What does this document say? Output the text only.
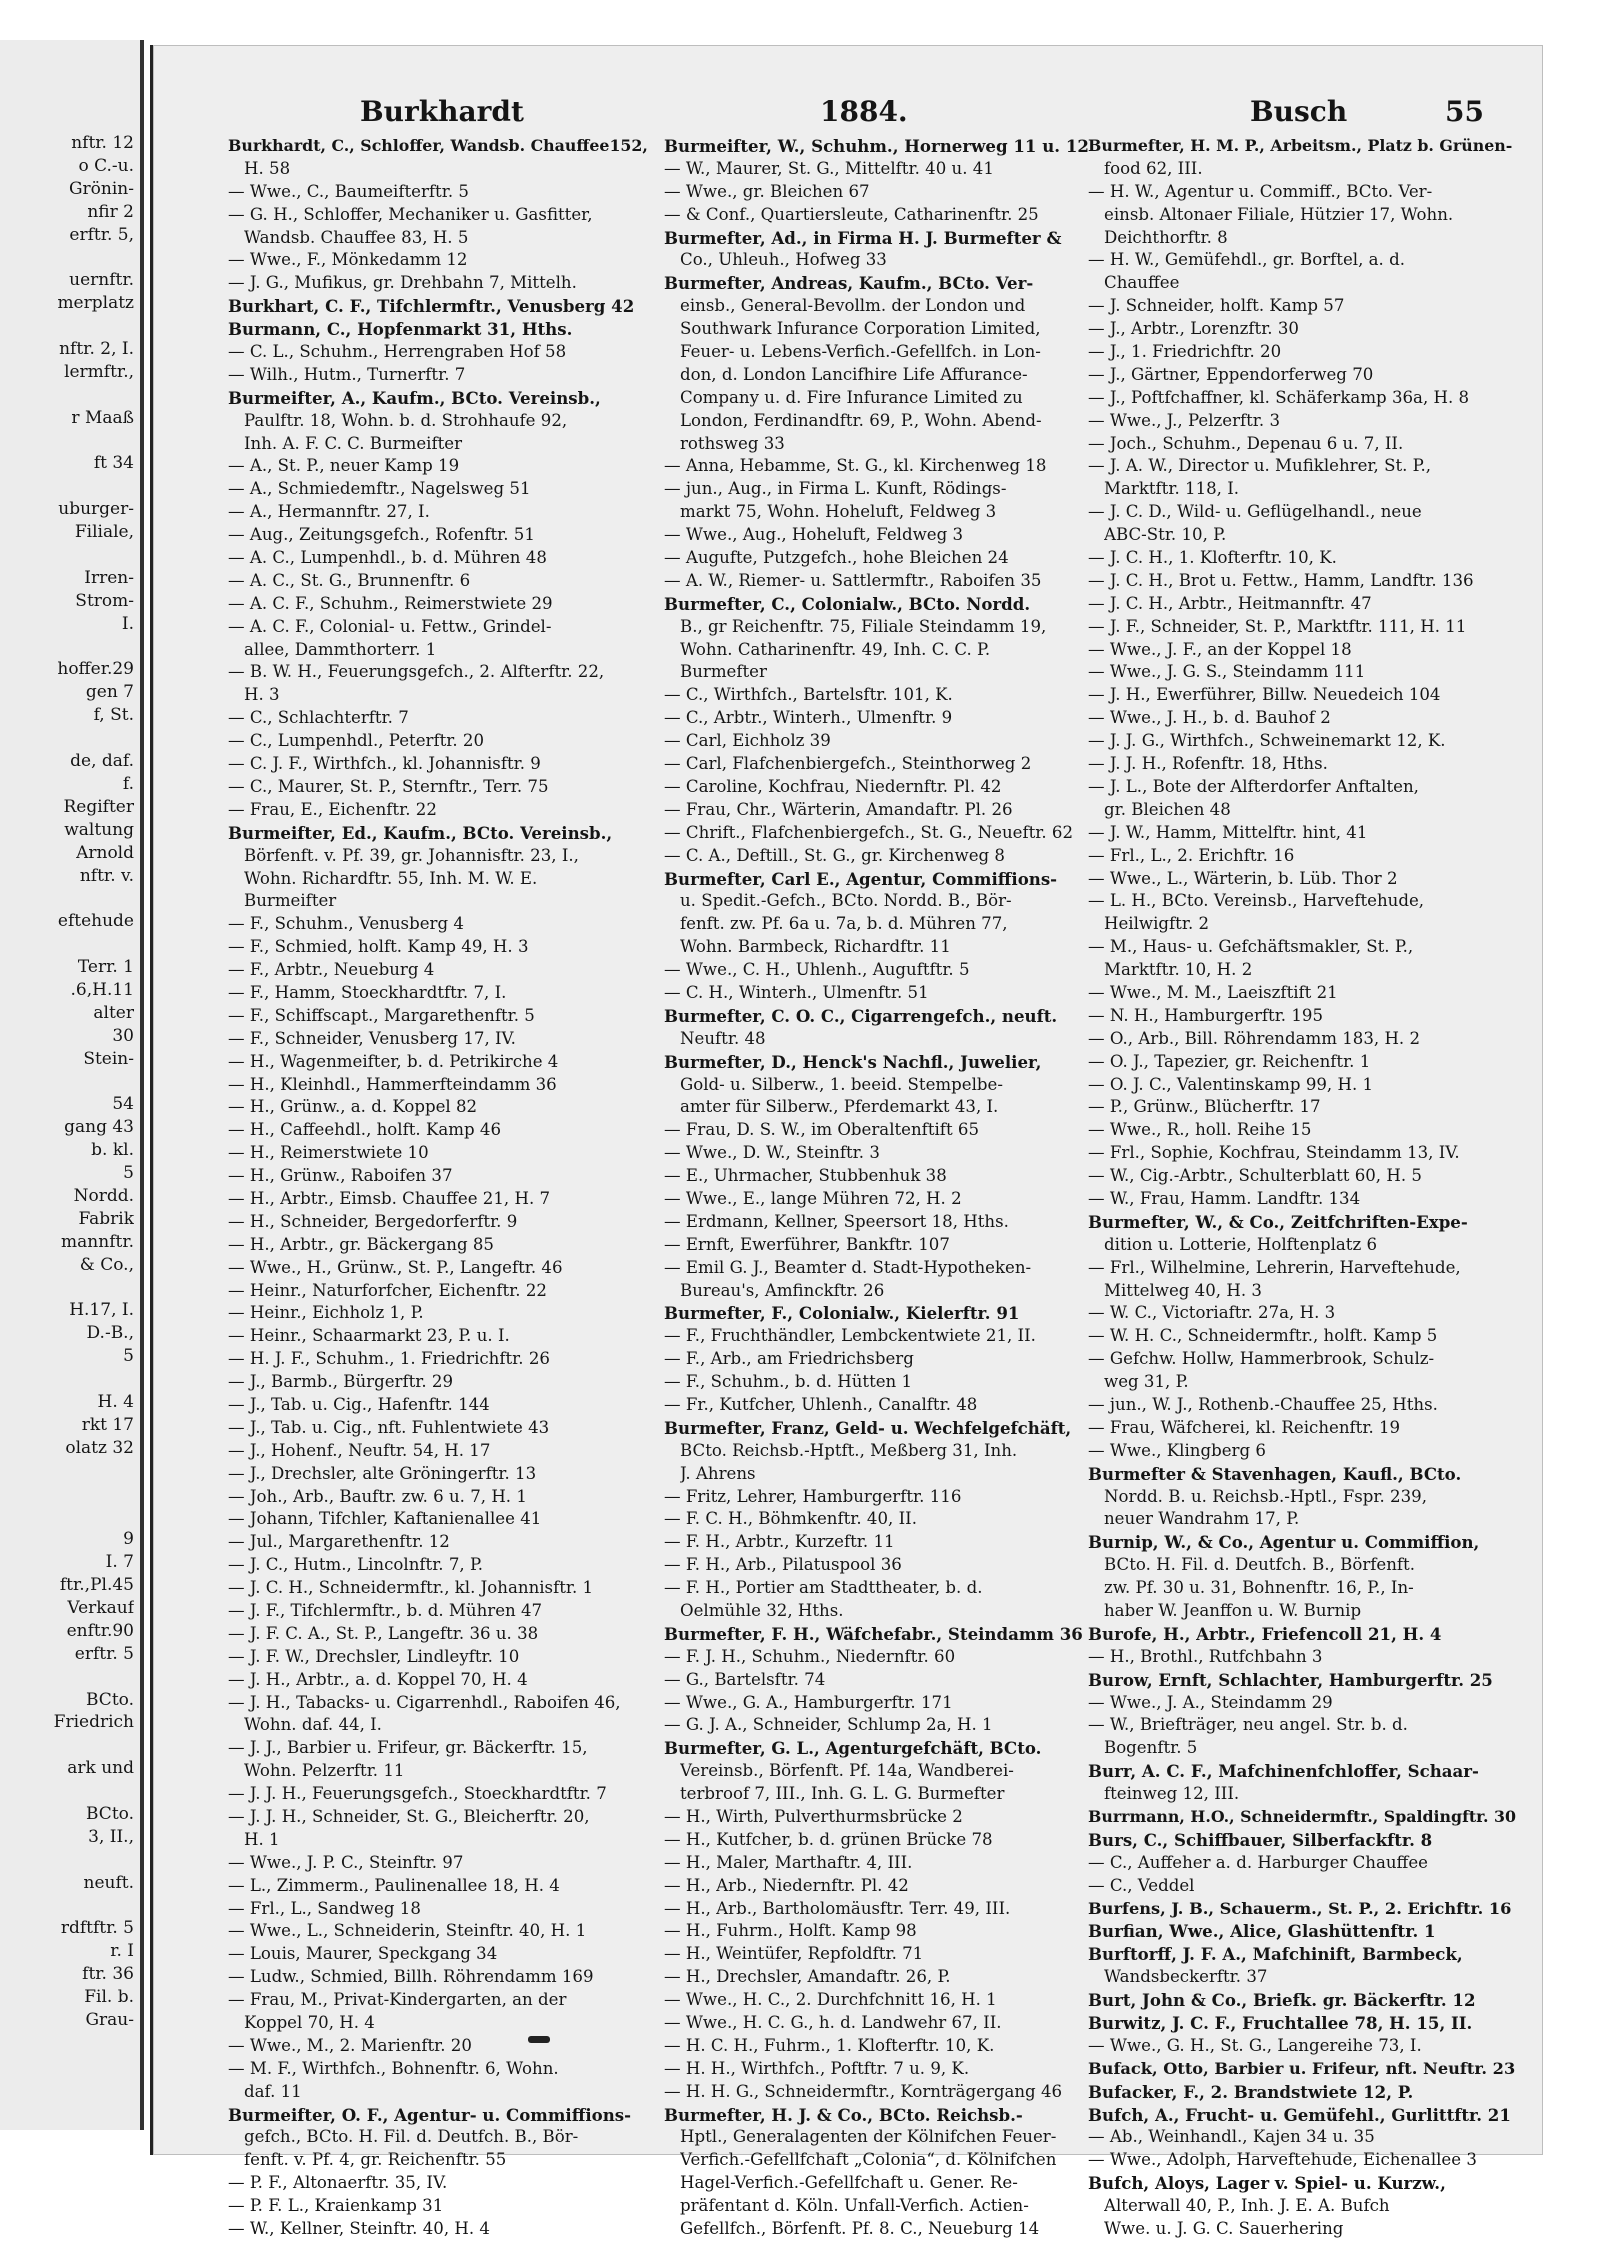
nftr. 12
o C.-u.
Grönin-
nfir 2
erftr. 5,
uernftr.
merplatz
nftr. 2, I.
lermftr.,
r Maaß
ft 34
uburger-
Filiale,
Irren-
Strom-
I.
hoffer.29
gen 7
f, St.
de, daf.
f.
Regifter
waltung
Arnold
nftr. v.
eftehude
Terr. 1
.6,H.11
alter
30
Stein-
54
gang 43
b. kl.
5
Nordd.
Fabrik
mannftr.
& Co.,
H.17, I.
D.-B.,
5
H. 4
rkt 17
olatz 32
9
I. 7
ftr.,Pl.45
Verkauf
enftr.90
erftr. 5
BCto.
Friedrich
ark und
BCto.
3, II.,
neuft.
rdftftr. 5
r. I
ftr. 36
Fil. b.
Grau-
Burkhardt	1884.	Busch	55
Burkhardt, C., Schloffer, Wandsb. Chauffee152,
H. 58
— Wwe., C., Baumeifterftr. 5
— G. H., Schloffer, Mechaniker u. Gasfitter,
Wandsb. Chauffee 83, H. 5
— Wwe., F., Mönkedamm 12
— J. G., Mufikus, gr. Drehbahn 7, Mittelh.
Burkhart, C. F., Tifchlermftr., Venusberg 42
Burmann, C., Hopfenmarkt 31, Hths.
— C. L., Schuhm., Herrengraben Hof 58
— Wilh., Hutm., Turnerftr. 7
Burmeifter, A., Kaufm., BCto. Vereinsb.,
Paulftr. 18, Wohn. b. d. Strohhaufe 92,
Inh. A. F. C. C. Burmeifter
— A., St. P., neuer Kamp 19
— A., Schmiedemftr., Nagelsweg 51
— A., Hermannftr. 27, I.
— Aug., Zeitungsgefch., Rofenftr. 51
— A. C., Lumpenhdl., b. d. Mühren 48
— A. C., St. G., Brunnenftr. 6
— A. C. F., Schuhm., Reimerstwiete 29
— A. C. F., Colonial- u. Fettw., Grindel-
allee, Dammthorterr. 1
— B. W. H., Feuerungsgefch., 2. Alfterftr. 22,
H. 3
— C., Schlachterftr. 7
— C., Lumpenhdl., Peterftr. 20
— C. J. F., Wirthfch., kl. Johannisftr. 9
— C., Maurer, St. P., Sternftr., Terr. 75
— Frau, E., Eichenftr. 22
Burmeifter, Ed., Kaufm., BCto. Vereinsb.,
Börfenft. v. Pf. 39, gr. Johannisftr. 23, I.,
Wohn. Richardftr. 55, Inh. M. W. E.
Burmeifter
— F., Schuhm., Venusberg 4
— F., Schmied, holft. Kamp 49, H. 3
— F., Arbtr., Neueburg 4
— F., Hamm, Stoeckhardtftr. 7, I.
— F., Schiffscapt., Margarethenftr. 5
— F., Schneider, Venusberg 17, IV.
— H., Wagenmeifter, b. d. Petrikirche 4
— H., Kleinhdl., Hammerfteindamm 36
— H., Grünw., a. d. Koppel 82
— H., Caffeehdl., holft. Kamp 46
— H., Reimerstwiete 10
— H., Grünw., Raboifen 37
— H., Arbtr., Eimsb. Chauffee 21, H. 7
— H., Schneider, Bergedorferftr. 9
— H., Arbtr., gr. Bäckergang 85
— Wwe., H., Grünw., St. P., Langeftr. 46
— Heinr., Naturforfcher, Eichenftr. 22
— Heinr., Eichholz 1, P.
— Heinr., Schaarmarkt 23, P. u. I.
— H. J. F., Schuhm., 1. Friedrichftr. 26
— J., Barmb., Bürgerftr. 29
— J., Tab. u. Cig., Hafenftr. 144
— J., Tab. u. Cig., nft. Fuhlentwiete 43
— J., Hohenf., Neuftr. 54, H. 17
— J., Drechsler, alte Gröningerftr. 13
— Joh., Arb., Bauftr. zw. 6 u. 7, H. 1
— Johann, Tifchler, Kaftanienallee 41
— Jul., Margarethenftr. 12
— J. C., Hutm., Lincolnftr. 7, P.
— J. C. H., Schneidermftr., kl. Johannisftr. 1
— J. F., Tifchlermftr., b. d. Mühren 47
— J. F. C. A., St. P., Langeftr. 36 u. 38
— J. F. W., Drechsler, Lindleyftr. 10
— J. H., Arbtr., a. d. Koppel 70, H. 4
— J. H., Tabacks- u. Cigarrenhdl., Raboifen 46,
Wohn. daf. 44, I.
— J. J., Barbier u. Frifeur, gr. Bäckerftr. 15,
Wohn. Pelzerftr. 11
— J. J. H., Feuerungsgefch., Stoeckhardtftr. 7
— J. J. H., Schneider, St. G., Bleicherftr. 20,
H. 1
— Wwe., J. P. C., Steinftr. 97
— L., Zimmerm., Paulinenallee 18, H. 4
— Frl., L., Sandweg 18
— Wwe., L., Schneiderin, Steinftr. 40, H. 1
— Louis, Maurer, Speckgang 34
— Ludw., Schmied, Billh. Röhrendamm 169
— Frau, M., Privat-Kindergarten, an der
Koppel 70, H. 4
— Wwe., M., 2. Marienftr. 20
— M. F., Wirthfch., Bohnenftr. 6, Wohn.
daf. 11
Burmeifter, O. F., Agentur- u. Commiffions-
gefch., BCto. H. Fil. d. Deutfch. B., Bör-
fenft. v. Pf. 4, gr. Reichenftr. 55
— P. F., Altonaerftr. 35, IV.
— P. F. L., Kraienkamp 31
— W., Kellner, Steinftr. 40, H. 4
Burmeifter, W., Schuhm., Hornerweg 11 u. 12
— W., Maurer, St. G., Mittelftr. 40 u. 41
— Wwe., gr. Bleichen 67
— & Conf., Quartiersleute, Catharinenftr. 25
Burmefter, Ad., in Firma H. J. Burmefter &
Co., Uhleuh., Hofweg 33
Burmefter, Andreas, Kaufm., BCto. Ver-
einsb., General-Bevollm. der London und
Southwark Infurance Corporation Limited,
Feuer- u. Lebens-Verfich.-Gefellfch. in Lon-
don, d. London Lancifhire Life Affurance-
Company u. d. Fire Infurance Limited zu
London, Ferdinandftr. 69, P., Wohn. Abend-
rothsweg 33
— Anna, Hebamme, St. G., kl. Kirchenweg 18
— jun., Aug., in Firma L. Kunft, Rödings-
markt 75, Wohn. Hoheluft, Feldweg 3
— Wwe., Aug., Hoheluft, Feldweg 3
— Augufte, Putzgefch., hohe Bleichen 24
— A. W., Riemer- u. Sattlermftr., Raboifen 35
Burmefter, C., Colonialw., BCto. Nordd.
B., gr Reichenftr. 75, Filiale Steindamm 19,
Wohn. Catharinenftr. 49, Inh. C. C. P.
Burmefter
— C., Wirthfch., Bartelsftr. 101, K.
— C., Arbtr., Winterh., Ulmenftr. 9
— Carl, Eichholz 39
— Carl, Flafchenbiergefch., Steinthorweg 2
— Caroline, Kochfrau, Niedernftr. Pl. 42
— Frau, Chr., Wärterin, Amandaftr. Pl. 26
— Chrift., Flafchenbiergefch., St. G., Neueftr. 62
— C. A., Deftill., St. G., gr. Kirchenweg 8
Burmefter, Carl E., Agentur, Commiffions-
u. Spedit.-Gefch., BCto. Nordd. B., Bör-
fenft. zw. Pf. 6a u. 7a, b. d. Mühren 77,
Wohn. Barmbeck, Richardftr. 11
— Wwe., C. H., Uhlenh., Auguftftr. 5
— C. H., Winterh., Ulmenftr. 51
Burmefter, C. O. C., Cigarrengefch., neuft.
Neuftr. 48
Burmefter, D., Henck's Nachfl., Juwelier,
Gold- u. Silberw., 1. beeid. Stempelbe-
amter für Silberw., Pferdemarkt 43, I.
— Frau, D. S. W., im Oberaltenftift 65
— Wwe., D. W., Steinftr. 3
— E., Uhrmacher, Stubbenhuk 38
— Wwe., E., lange Mühren 72, H. 2
— Erdmann, Kellner, Speersort 18, Hths.
— Ernft, Ewerführer, Bankftr. 107
— Emil G. J., Beamter d. Stadt-Hypotheken-
Bureau's, Amfinckftr. 26
Burmefter, F., Colonialw., Kielerftr. 91
— F., Fruchthändler, Lembckentwiete 21, II.
— F., Arb., am Friedrichsberg
— F., Schuhm., b. d. Hütten 1
— Fr., Kutfcher, Uhlenh., Canalftr. 48
Burmefter, Franz, Geld- u. Wechfelgefchäft,
BCto. Reichsb.-Hptft., Meßberg 31, Inh.
J. Ahrens
— Fritz, Lehrer, Hamburgerftr. 116
— F. C. H., Böhmkenftr. 40, II.
— F. H., Arbtr., Kurzeftr. 11
— F. H., Arb., Pilatuspool 36
— F. H., Portier am Stadttheater, b. d.
Oelmühle 32, Hths.
Burmefter, F. H., Wäfchefabr., Steindamm 36
— F. J. H., Schuhm., Niedernftr. 60
— G., Bartelsftr. 74
— Wwe., G. A., Hamburgerftr. 171
— G. J. A., Schneider, Schlump 2a, H. 1
Burmefter, G. L., Agenturgefchäft, BCto.
Vereinsb., Börfenft. Pf. 14a, Wandberei-
terbroof 7, III., Inh. G. L. G. Burmefter
— H., Wirth, Pulverthurmsbrücke 2
— H., Kutfcher, b. d. grünen Brücke 78
— H., Maler, Marthaftr. 4, III.
— H., Arb., Niedernftr. Pl. 42
— H., Arb., Bartholomäusftr. Terr. 49, III.
— H., Fuhrm., Holft. Kamp 98
— H., Weintüfer, Repfoldftr. 71
— H., Drechsler, Amandaftr. 26, P.
— Wwe., H. C., 2. Durchfchnitt 16, H. 1
— Wwe., H. C. G., h. d. Landwehr 67, II.
— H. C. H., Fuhrm., 1. Klofterftr. 10, K.
— H. H., Wirthfch., Poftftr. 7 u. 9, K.
— H. H. G., Schneidermftr., Kornträgergang 46
Burmefter, H. J. & Co., BCto. Reichsb.-
Hptl., Generalagenten der Kölnifchen Feuer-
Verfich.-Gefellfchaft „Colonia“, d. Kölnifchen
Hagel-Verfich.-Gefellfchaft u. Gener. Re-
präfentant d. Köln. Unfall-Verfich. Actien-
Gefellfch., Börfenft. Pf. 8. C., Neueburg 14
Burmefter, H. M. P., Arbeitsm., Platz b. Grünen-
food 62, III.
— H. W., Agentur u. Commiff., BCto. Ver-
einsb. Altonaer Filiale, Hützier 17, Wohn.
Deichthorftr. 8
— H. W., Gemüfehdl., gr. Borftel, a. d.
Chauffee
— J. Schneider, holft. Kamp 57
— J., Arbtr., Lorenzftr. 30
— J., 1. Friedrichftr. 20
— J., Gärtner, Eppendorferweg 70
— J., Poftfchaffner, kl. Schäferkamp 36a, H. 8
— Wwe., J., Pelzerftr. 3
— Joch., Schuhm., Depenau 6 u. 7, II.
— J. A. W., Director u. Mufiklehrer, St. P.,
Marktftr. 118, I.
— J. C. D., Wild- u. Geflügelhandl., neue
ABC-Str. 10, P.
— J. C. H., 1. Klofterftr. 10, K.
— J. C. H., Brot u. Fettw., Hamm, Landftr. 136
— J. C. H., Arbtr., Heitmannftr. 47
— J. F., Schneider, St. P., Marktftr. 111, H. 11
— Wwe., J. F., an der Koppel 18
— Wwe., J. G. S., Steindamm 111
— J. H., Ewerführer, Billw. Neuedeich 104
— Wwe., J. H., b. d. Bauhof 2
— J. J. G., Wirthfch., Schweinemarkt 12, K.
— J. J. H., Rofenftr. 18, Hths.
— J. L., Bote der Alfterdorfer Anftalten,
gr. Bleichen 48
— J. W., Hamm, Mittelftr. hint, 41
— Frl., L., 2. Erichftr. 16
— Wwe., L., Wärterin, b. Lüb. Thor 2
— L. H., BCto. Vereinsb., Harveftehude,
Heilwigftr. 2
— M., Haus- u. Gefchäftsmakler, St. P.,
Marktftr. 10, H. 2
— Wwe., M. M., Laeiszftift 21
— N. H., Hamburgerftr. 195
— O., Arb., Bill. Röhrendamm 183, H. 2
— O. J., Tapezier, gr. Reichenftr. 1
— O. J. C., Valentinskamp 99, H. 1
— P., Grünw., Blücherftr. 17
— Wwe., R., holl. Reihe 15
— Frl., Sophie, Kochfrau, Steindamm 13, IV.
— W., Cig.-Arbtr., Schulterblatt 60, H. 5
— W., Frau, Hamm. Landftr. 134
Burmefter, W., & Co., Zeitfchriften-Expe-
dition u. Lotterie, Holftenplatz 6
— Frl., Wilhelmine, Lehrerin, Harveftehude,
Mittelweg 40, H. 3
— W. C., Victoriaftr. 27a, H. 3
— W. H. C., Schneidermftr., holft. Kamp 5
— Gefchw. Hollw, Hammerbrook, Schulz-
weg 31, P.
— jun., W. J., Rothenb.-Chauffee 25, Hths.
— Frau, Wäfcherei, kl. Reichenftr. 19
— Wwe., Klingberg 6
Burmefter & Stavenhagen, Kaufl., BCto.
Nordd. B. u. Reichsb.-Hptl., Fspr. 239,
neuer Wandrahm 17, P.
Burnip, W., & Co., Agentur u. Commiffion,
BCto. H. Fil. d. Deutfch. B., Börfenft.
zw. Pf. 30 u. 31, Bohnenftr. 16, P., In-
haber W. Jeanffon u. W. Burnip
Burofe, H., Arbtr., Friefencoll 21, H. 4
— H., Brothl., Rutfchbahn 3
Burow, Ernft, Schlachter, Hamburgerftr. 25
— Wwe., J. A., Steindamm 29
— W., Briefträger, neu angel. Str. b. d.
Bogenftr. 5
Burr, A. C. F., Mafchinenfchloffer, Schaar-
fteinweg 12, III.
Burrmann, H.O., Schneidermftr., Spaldingftr. 30
Burs, C., Schiffbauer, Silberfackftr. 8
— C., Auffeher a. d. Harburger Chauffee
— C., Veddel
Burfens, J. B., Schauerm., St. P., 2. Erichftr. 16
Burfian, Wwe., Alice, Glashüttenftr. 1
Burftorff, J. F. A., Mafchinift, Barmbeck,
Wandsbeckerftr. 37
Burt, John & Co., Briefk. gr. Bäckerftr. 12
Burwitz, J. C. F., Fruchtallee 78, H. 15, II.
— Wwe., G. H., St. G., Langereihe 73, I.
Bufack, Otto, Barbier u. Frifeur, nft. Neuftr. 23
Bufacker, F., 2. Brandstwiete 12, P.
Bufch, A., Frucht- u. Gemüfehl., Gurlittftr. 21
— Ab., Weinhandl., Kajen 34 u. 35
— Wwe., Adolph, Harveftehude, Eichenallee 3
Bufch, Aloys, Lager v. Spiel- u. Kurzw.,
Alterwall 40, P., Inh. J. E. A. Bufch
Wwe. u. J. G. C. Sauerhering
